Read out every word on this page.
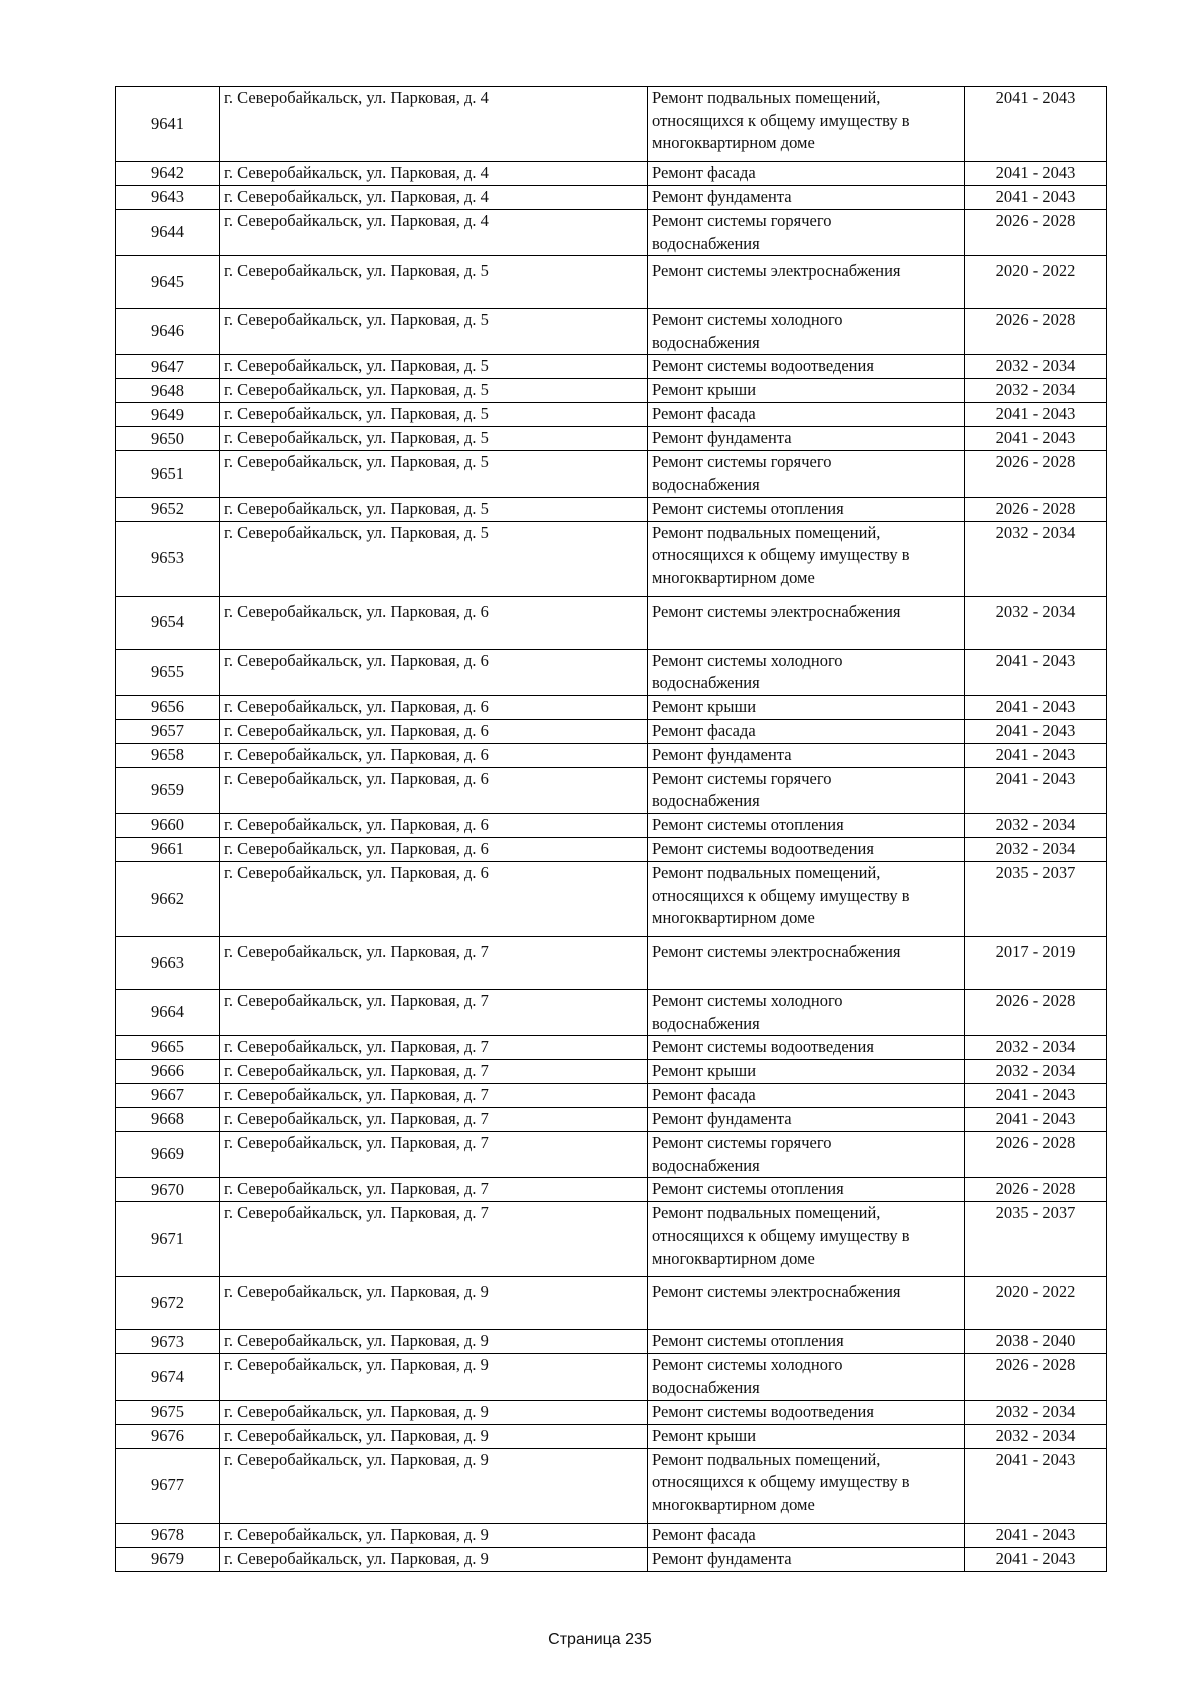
9641	г. Северобайкальск, ул. Парковая, д. 4	Ремонт подвальных помещений,
относящихся к общему имуществу в
многоквартирном доме	2041 - 2043
9642	г. Северобайкальск, ул. Парковая, д. 4	Ремонт фасада	2041 - 2043
9643	г. Северобайкальск, ул. Парковая, д. 4	Ремонт фундамента	2041 - 2043
9644	г. Северобайкальск, ул. Парковая, д. 4	Ремонт системы горячего
водоснабжения	2026 - 2028
9645	г. Северобайкальск, ул. Парковая, д. 5	Ремонт системы электроснабжения	2020 - 2022
9646	г. Северобайкальск, ул. Парковая, д. 5	Ремонт системы холодного
водоснабжения	2026 - 2028
9647	г. Северобайкальск, ул. Парковая, д. 5	Ремонт системы водоотведения	2032 - 2034
9648	г. Северобайкальск, ул. Парковая, д. 5	Ремонт крыши	2032 - 2034
9649	г. Северобайкальск, ул. Парковая, д. 5	Ремонт фасада	2041 - 2043
9650	г. Северобайкальск, ул. Парковая, д. 5	Ремонт фундамента	2041 - 2043
9651	г. Северобайкальск, ул. Парковая, д. 5	Ремонт системы горячего
водоснабжения	2026 - 2028
9652	г. Северобайкальск, ул. Парковая, д. 5	Ремонт системы отопления	2026 - 2028
9653	г. Северобайкальск, ул. Парковая, д. 5	Ремонт подвальных помещений,
относящихся к общему имуществу в
многоквартирном доме	2032 - 2034
9654	г. Северобайкальск, ул. Парковая, д. 6	Ремонт системы электроснабжения	2032 - 2034
9655	г. Северобайкальск, ул. Парковая, д. 6	Ремонт системы холодного
водоснабжения	2041 - 2043
9656	г. Северобайкальск, ул. Парковая, д. 6	Ремонт крыши	2041 - 2043
9657	г. Северобайкальск, ул. Парковая, д. 6	Ремонт фасада	2041 - 2043
9658	г. Северобайкальск, ул. Парковая, д. 6	Ремонт фундамента	2041 - 2043
9659	г. Северобайкальск, ул. Парковая, д. 6	Ремонт системы горячего
водоснабжения	2041 - 2043
9660	г. Северобайкальск, ул. Парковая, д. 6	Ремонт системы отопления	2032 - 2034
9661	г. Северобайкальск, ул. Парковая, д. 6	Ремонт системы водоотведения	2032 - 2034
9662	г. Северобайкальск, ул. Парковая, д. 6	Ремонт подвальных помещений,
относящихся к общему имуществу в
многоквартирном доме	2035 - 2037
9663	г. Северобайкальск, ул. Парковая, д. 7	Ремонт системы электроснабжения	2017 - 2019
9664	г. Северобайкальск, ул. Парковая, д. 7	Ремонт системы холодного
водоснабжения	2026 - 2028
9665	г. Северобайкальск, ул. Парковая, д. 7	Ремонт системы водоотведения	2032 - 2034
9666	г. Северобайкальск, ул. Парковая, д. 7	Ремонт крыши	2032 - 2034
9667	г. Северобайкальск, ул. Парковая, д. 7	Ремонт фасада	2041 - 2043
9668	г. Северобайкальск, ул. Парковая, д. 7	Ремонт фундамента	2041 - 2043
9669	г. Северобайкальск, ул. Парковая, д. 7	Ремонт системы горячего
водоснабжения	2026 - 2028
9670	г. Северобайкальск, ул. Парковая, д. 7	Ремонт системы отопления	2026 - 2028
9671	г. Северобайкальск, ул. Парковая, д. 7	Ремонт подвальных помещений,
относящихся к общему имуществу в
многоквартирном доме	2035 - 2037
9672	г. Северобайкальск, ул. Парковая, д. 9	Ремонт системы электроснабжения	2020 - 2022
9673	г. Северобайкальск, ул. Парковая, д. 9	Ремонт системы отопления	2038 - 2040
9674	г. Северобайкальск, ул. Парковая, д. 9	Ремонт системы холодного
водоснабжения	2026 - 2028
9675	г. Северобайкальск, ул. Парковая, д. 9	Ремонт системы водоотведения	2032 - 2034
9676	г. Северобайкальск, ул. Парковая, д. 9	Ремонт крыши	2032 - 2034
9677	г. Северобайкальск, ул. Парковая, д. 9	Ремонт подвальных помещений,
относящихся к общему имуществу в
многоквартирном доме	2041 - 2043
9678	г. Северобайкальск, ул. Парковая, д. 9	Ремонт фасада	2041 - 2043
9679	г. Северобайкальск, ул. Парковая, д. 9	Ремонт фундамента	2041 - 2043
Страница 235
